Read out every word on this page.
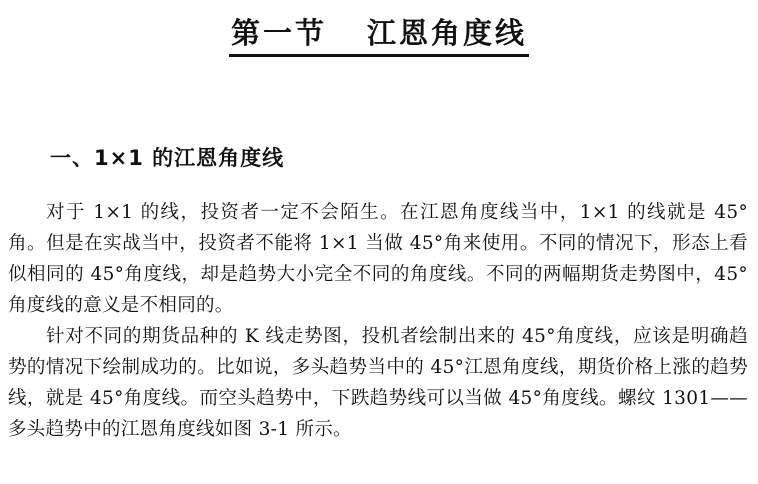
第一节 江恩角度线
一、1×1 的江恩角度线

对于 1×1 的线，投资者一定不会陌生。在江恩角度线当中，1×1 的线就是 45°角。但是在实战当中，投资者不能将 1×1 当做 45°角来使用。不同的情况下，形态上看似相同的 45°角度线，却是趋势大小完全不同的角度线。不同的两幅期货走势图中，45°角度线的意义是不相同的。

针对不同的期货品种的 K 线走势图，投机者绘制出来的 45°角度线，应该是明确趋势的情况下绘制成功的。比如说，多头趋势当中的 45°江恩角度线，期货价格上涨的趋势线，就是 45°角度线。而空头趋势中，下跌趋势线可以当做 45°角度线。螺纹 1301——多头趋势中的江恩角度线如图 3-1 所示。
